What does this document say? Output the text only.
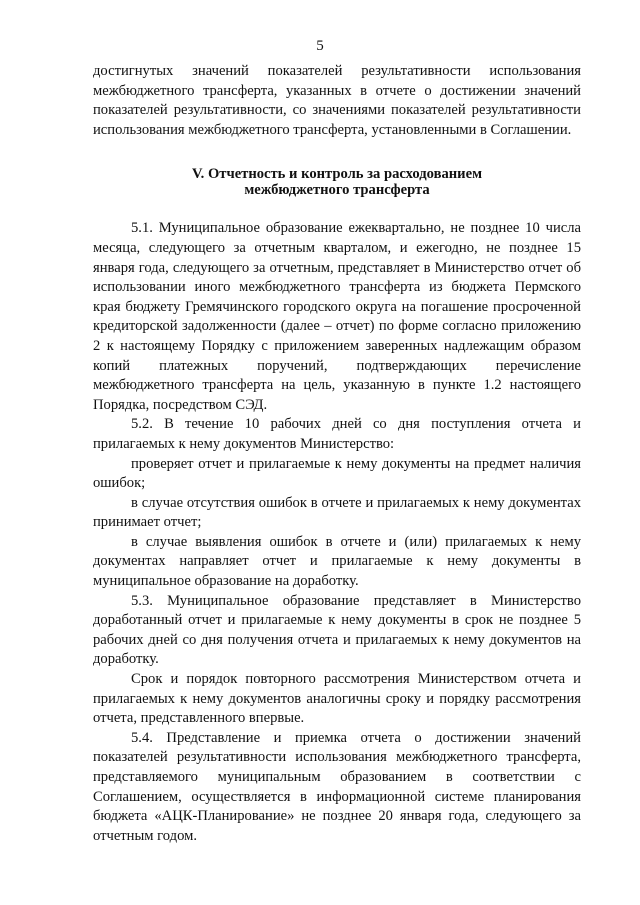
5

достигнутых значений показателей результативности использования межбюджетного трансферта, указанных в отчете о достижении значений показателей результативности, со значениями показателей результативности использования межбюджетного трансферта, установленными в Соглашении.

V. Отчетность и контроль за расходованием
межбюджетного трансферта

5.1. Муниципальное образование ежеквартально, не позднее 10 числа месяца, следующего за отчетным кварталом, и ежегодно, не позднее 15 января года, следующего за отчетным, представляет в Министерство отчет об использовании иного межбюджетного трансферта из бюджета Пермского края бюджету Гремячинского городского округа на погашение просроченной кредиторской задолженности (далее – отчет) по форме согласно приложению 2 к настоящему Порядку с приложением заверенных надлежащим образом копий платежных поручений, подтверждающих перечисление межбюджетного трансферта на цель, указанную в пункте 1.2 настоящего Порядка, посредством СЭД.

5.2. В течение 10 рабочих дней со дня поступления отчета и прилагаемых к нему документов Министерство:

проверяет отчет и прилагаемые к нему документы на предмет наличия ошибок;

в случае отсутствия ошибок в отчете и прилагаемых к нему документах принимает отчет;

в случае выявления ошибок в отчете и (или) прилагаемых к нему документах направляет отчет и прилагаемые к нему документы в муниципальное образование на доработку.

5.3. Муниципальное образование представляет в Министерство доработанный отчет и прилагаемые к нему документы в срок не позднее 5 рабочих дней со дня получения отчета и прилагаемых к нему документов на доработку.

Срок и порядок повторного рассмотрения Министерством отчета и прилагаемых к нему документов аналогичны сроку и порядку рассмотрения отчета, представленного впервые.

5.4. Представление и приемка отчета о достижении значений показателей результативности использования межбюджетного трансферта, представляемого муниципальным образованием в соответствии с Соглашением, осуществляется в информационной системе планирования бюджета «АЦК-Планирование» не позднее 20 января года, следующего за отчетным годом.
